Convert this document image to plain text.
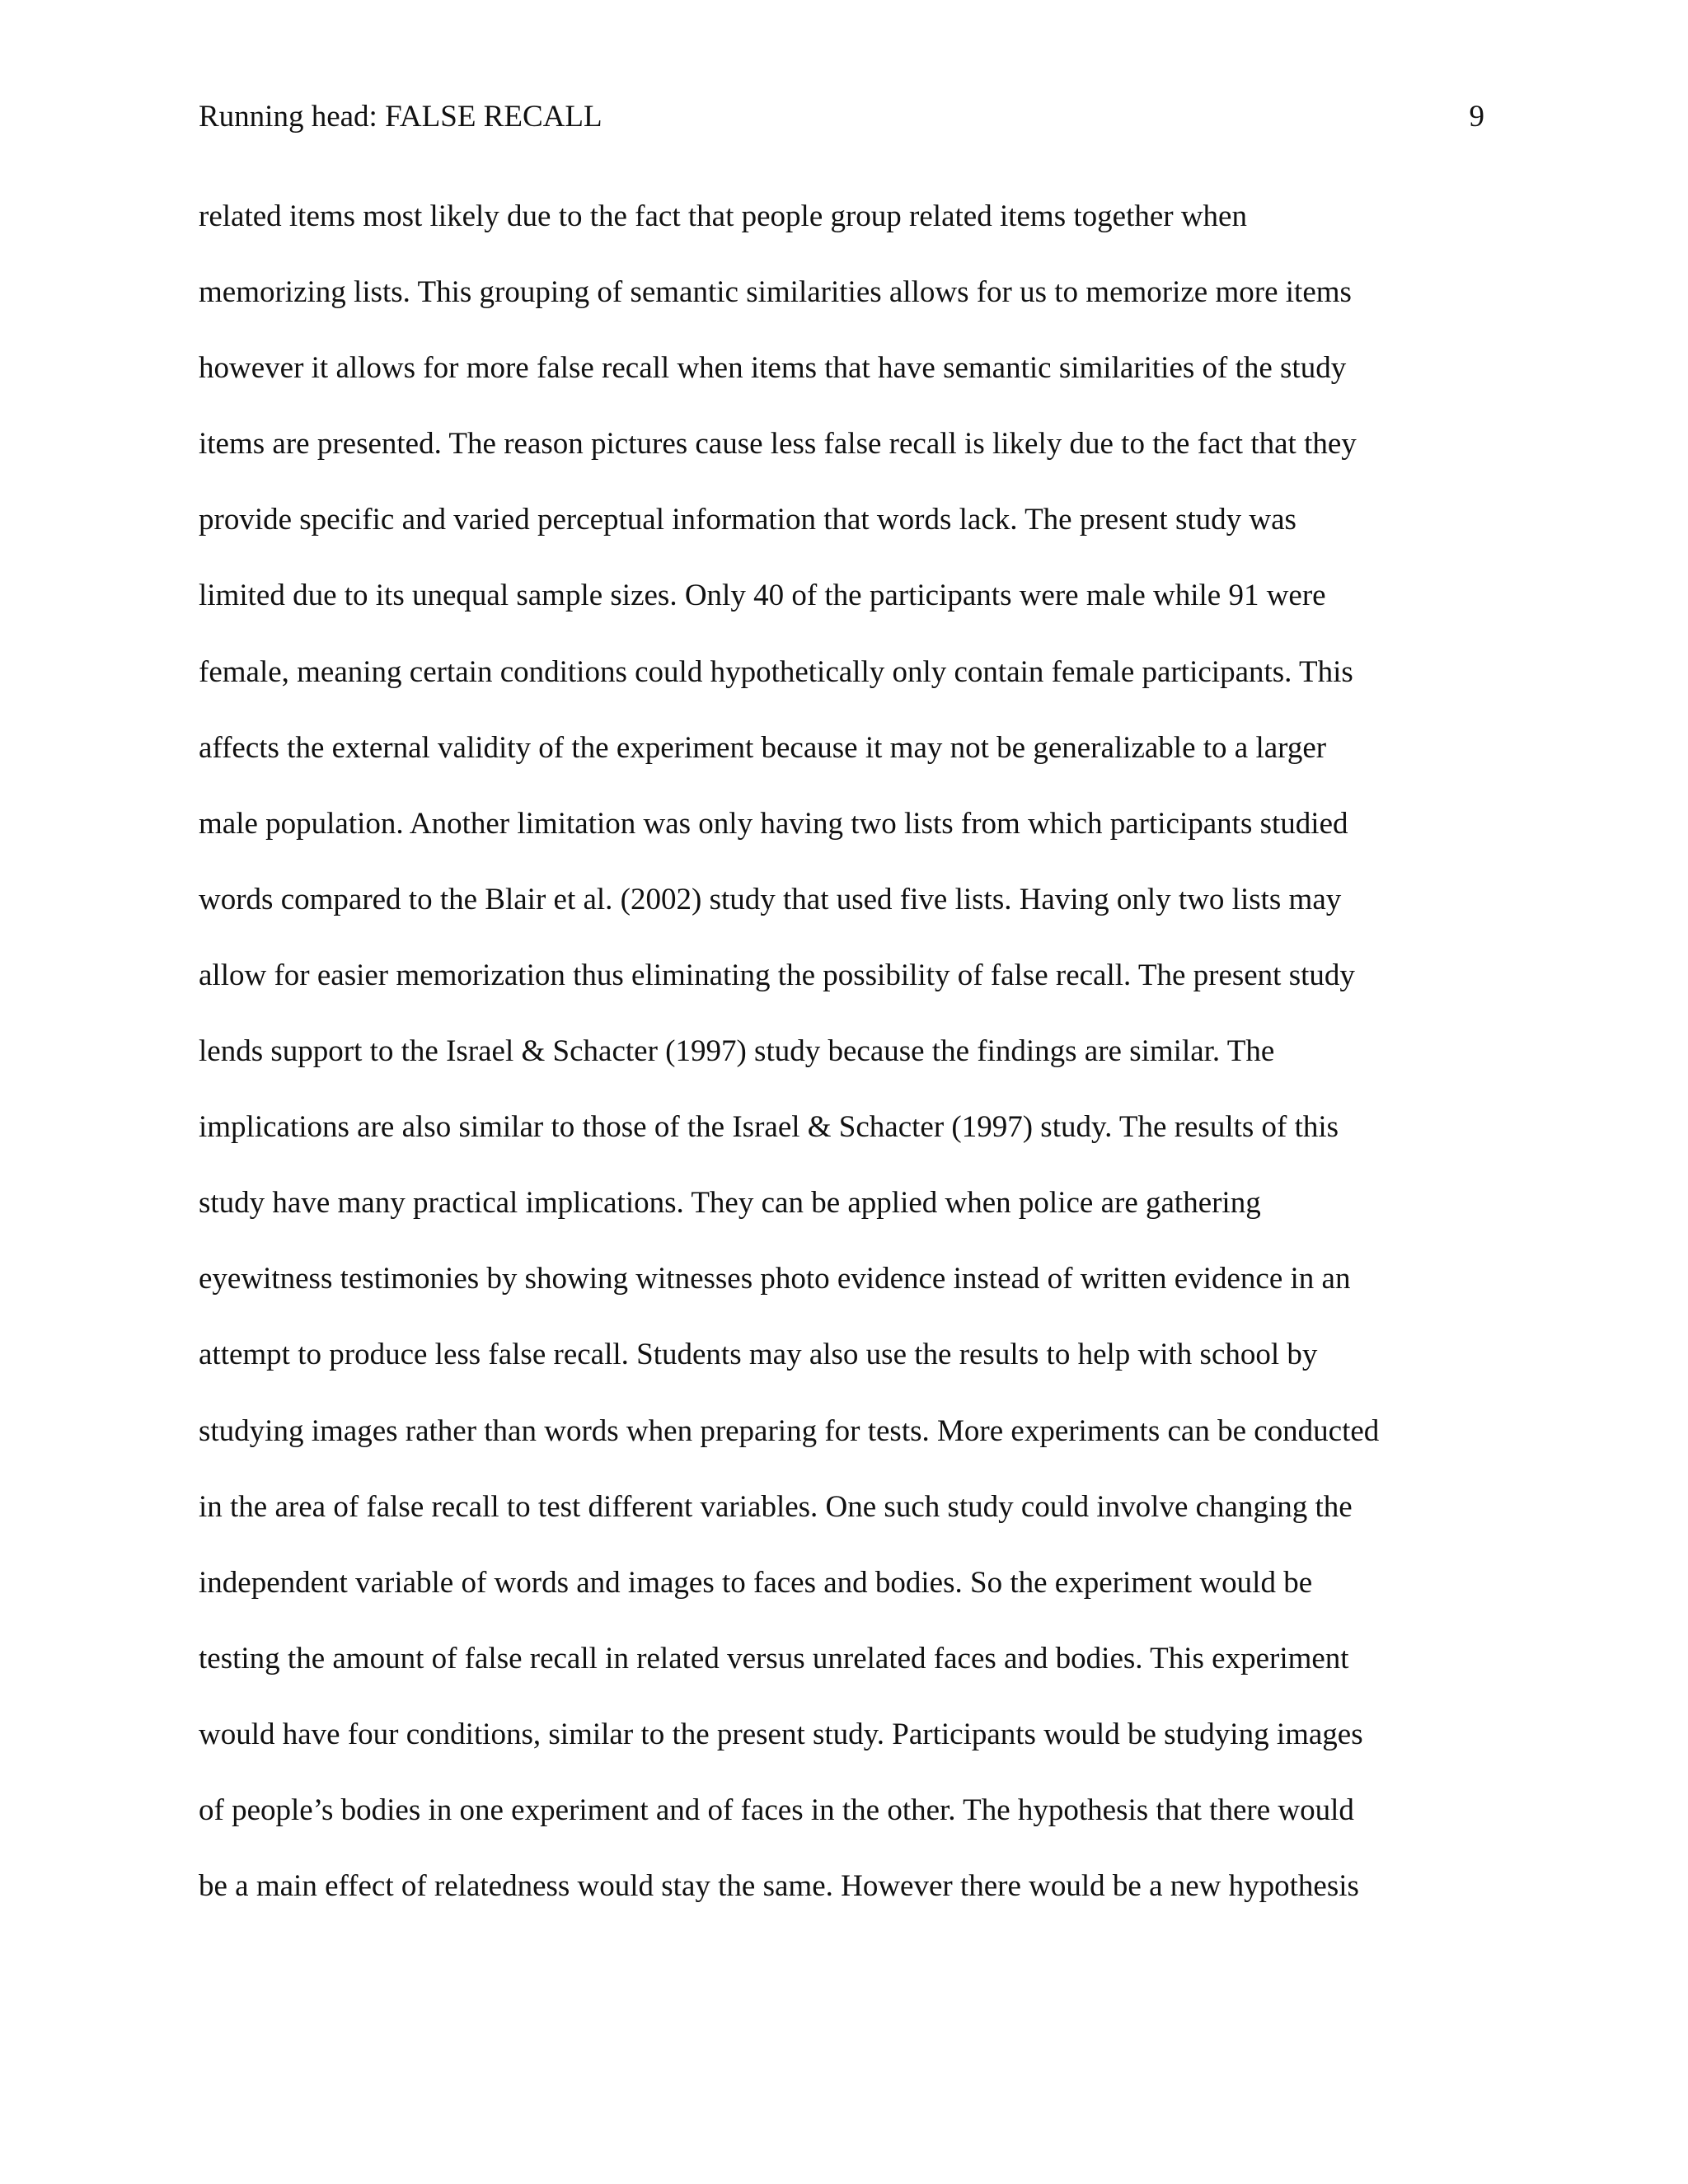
Running head: FALSE RECALL	9
related items most likely due to the fact that people group related items together when
memorizing lists. This grouping of semantic similarities allows for us to memorize more items
however it allows for more false recall when items that have semantic similarities of the study
items are presented. The reason pictures cause less false recall is likely due to the fact that they
provide specific and varied perceptual information that words lack. The present study was
limited due to its unequal sample sizes. Only 40 of the participants were male while 91 were
female, meaning certain conditions could hypothetically only contain female participants. This
affects the external validity of the experiment because it may not be generalizable to a larger
male population. Another limitation was only having two lists from which participants studied
words compared to the Blair et al. (2002) study that used five lists. Having only two lists may
allow for easier memorization thus eliminating the possibility of false recall. The present study
lends support to the Israel & Schacter (1997) study because the findings are similar. The
implications are also similar to those of the Israel & Schacter (1997) study. The results of this
study have many practical implications. They can be applied when police are gathering
eyewitness testimonies by showing witnesses photo evidence instead of written evidence in an
attempt to produce less false recall. Students may also use the results to help with school by
studying images rather than words when preparing for tests. More experiments can be conducted
in the area of false recall to test different variables. One such study could involve changing the
independent variable of words and images to faces and bodies. So the experiment would be
testing the amount of false recall in related versus unrelated faces and bodies. This experiment
would have four conditions, similar to the present study. Participants would be studying images
of people’s bodies in one experiment and of faces in the other. The hypothesis that there would
be a main effect of relatedness would stay the same. However there would be a new hypothesis
